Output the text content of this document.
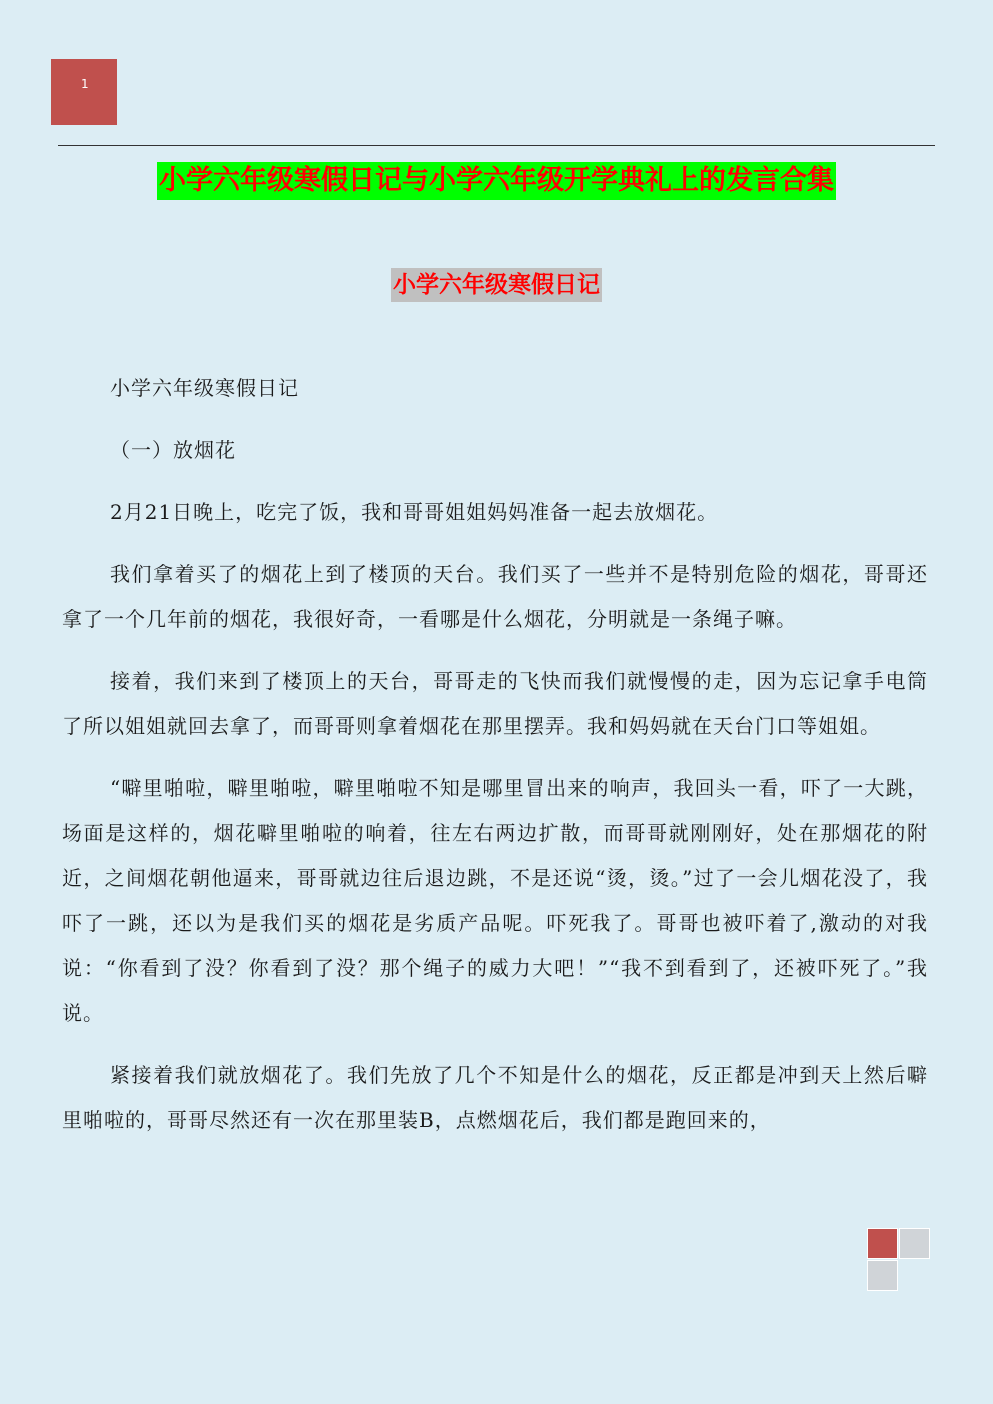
1
小学六年级寒假日记与小学六年级开学典礼上的发言合集
小学六年级寒假日记

小学六年级寒假日记

（一）放烟花

2月21日晚上，吃完了饭，我和哥哥姐姐妈妈准备一起去放烟花。

我们拿着买了的烟花上到了楼顶的天台。我们买了一些并不是特别危险的烟花，哥哥还拿了一个几年前的烟花，我很好奇，一看哪是什么烟花，分明就是一条绳子嘛。

接着，我们来到了楼顶上的天台，哥哥走的飞快而我们就慢慢的走，因为忘记拿手电筒了所以姐姐就回去拿了，而哥哥则拿着烟花在那里摆弄。我和妈妈就在天台门口等姐姐。

“噼里啪啦，噼里啪啦，噼里啪啦不知是哪里冒出来的响声，我回头一看，吓了一大跳，场面是这样的，烟花噼里啪啦的响着，往左右两边扩散，而哥哥就刚刚好，处在那烟花的附近，之间烟花朝他逼来，哥哥就边往后退边跳，不是还说“烫，烫。”过了一会儿烟花没了，我吓了一跳，还以为是我们买的烟花是劣质产品呢。吓死我了。哥哥也被吓着了,激动的对我说：“你看到了没？你看到了没？那个绳子的威力大吧！”“我不到看到了，还被吓死了。”我说。

紧接着我们就放烟花了。我们先放了几个不知是什么的烟花，反正都是冲到天上然后噼里啪啦的，哥哥尽然还有一次在那里装B，点燃烟花后，我们都是跑回来的，
